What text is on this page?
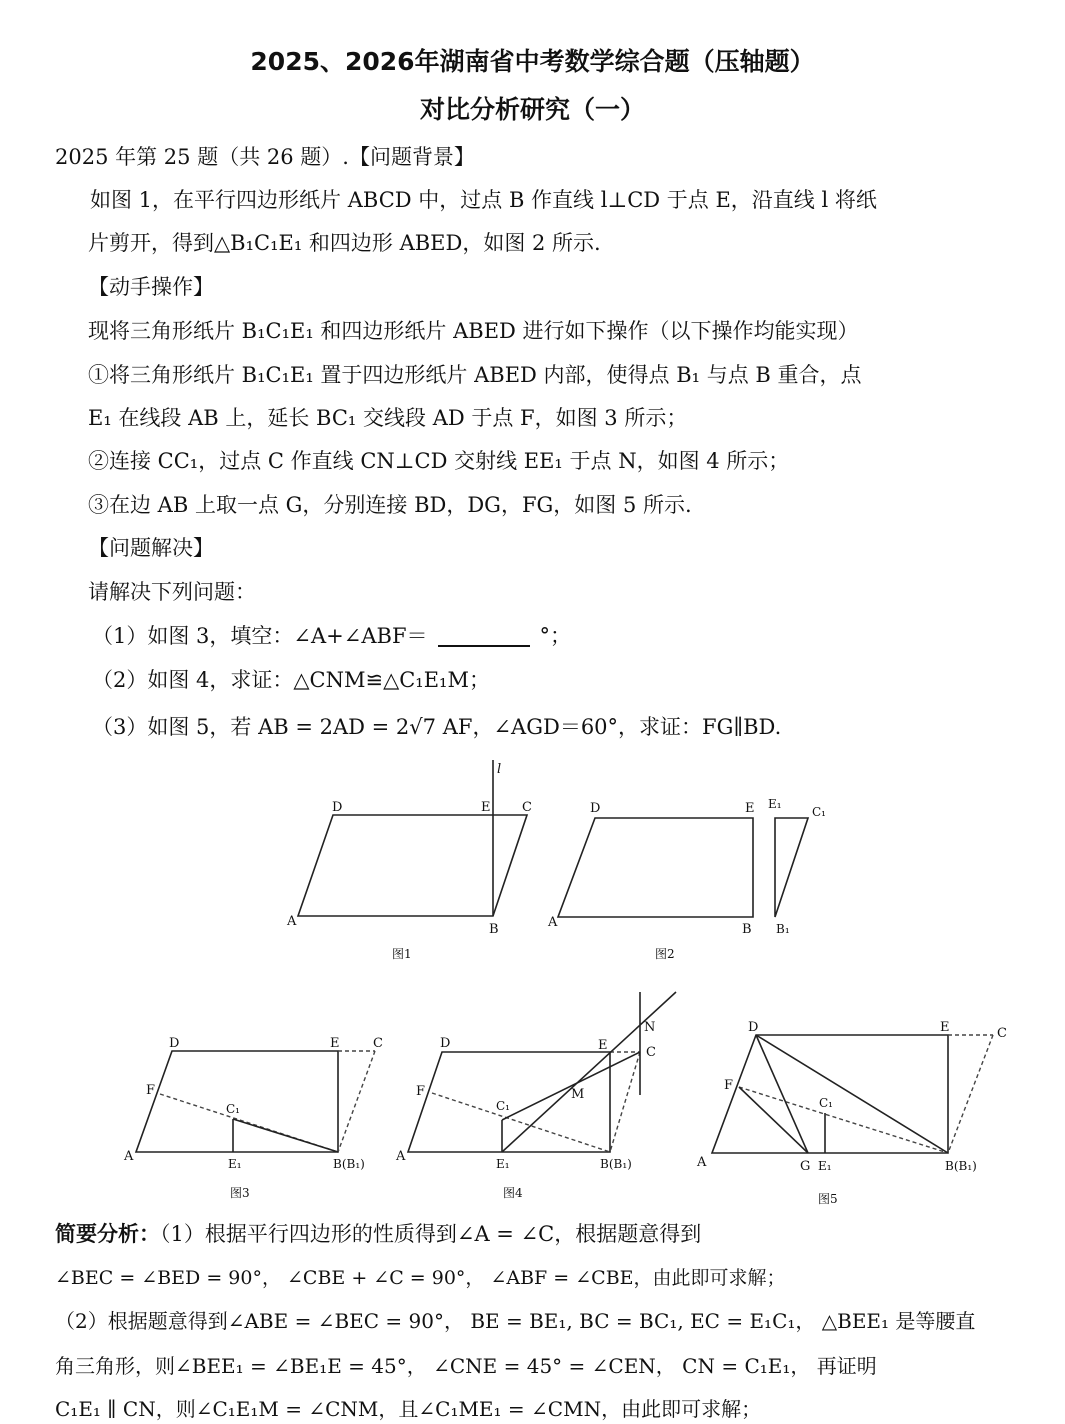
2025、2026年湖南省中考数学综合题（压轴题）
对比分析研究（一）
2025 年第 25 题（共 26 题）.【问题背景】
如图 1，在平行四边形纸片 ABCD 中，过点 B 作直线 l⊥CD 于点 E，沿直线 l 将纸
片剪开，得到△B₁C₁E₁ 和四边形 ABED，如图 2 所示.
【动手操作】
现将三角形纸片 B₁C₁E₁ 和四边形纸片 ABED 进行如下操作（以下操作均能实现）
①将三角形纸片 B₁C₁E₁ 置于四边形纸片 ABED 内部，使得点 B₁ 与点 B 重合，点
E₁ 在线段 AB 上，延长 BC₁ 交线段 AD 于点 F，如图 3 所示；
②连接 CC₁，过点 C 作直线 CN⊥CD 交射线 EE₁ 于点 N，如图 4 所示；
③在边 AB 上取一点 G，分别连接 BD，DG，FG，如图 5 所示.
【问题解决】
请解决下列问题：
（1）如图 3，填空：∠A+∠ABF＝	°；
（2）如图 4，求证：△CNM≌△C₁E₁M；
（3）如图 5，若 AB = 2AD = 2√7 AF，∠AGD＝60°，求证：FG∥BD.
D	E C
A
B
l
图1
D	E
A	B
E₁
C₁
B₁
图2
D	E	C
F
C₁
A	E₁	B(B₁)
图3
N
D	E	C
F
C₁
M
A	E₁	B(B₁)
图4
D	E	C
F
C₁
A	G E₁	B(B₁)
图5
简要分析：（1）根据平行四边形的性质得到∠A = ∠C，根据题意得到
∠BEC = ∠BED = 90°， ∠CBE + ∠C = 90°， ∠ABF = ∠CBE，由此即可求解；
（2）根据题意得到∠ABE = ∠BEC = 90°， BE = BE₁, BC = BC₁, EC = E₁C₁， △BEE₁ 是等腰直
角三角形，则∠BEE₁ = ∠BE₁E = 45°， ∠CNE = 45° = ∠CEN， CN = C₁E₁， 再证明
C₁E₁ ∥ CN，则∠C₁E₁M = ∠CNM，且∠C₁ME₁ = ∠CMN，由此即可求解；
